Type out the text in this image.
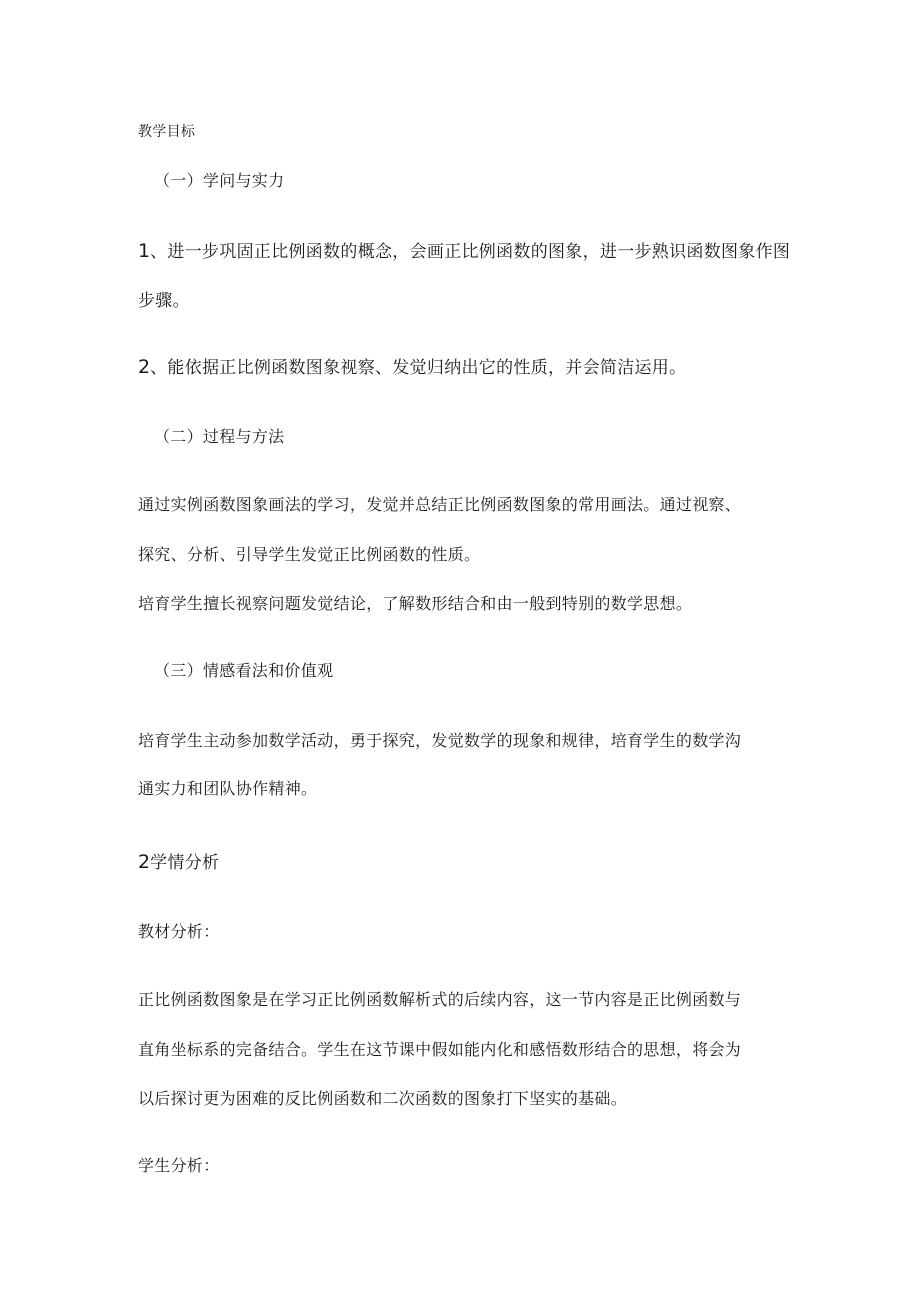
教学目标
（一）学问与实力
1、进一步巩固正比例函数的概念，会画正比例函数的图象，进一步熟识函数图象作图
步骤。
2、能依据正比例函数图象视察、发觉归纳出它的性质，并会简洁运用。
（二）过程与方法
通过实例函数图象画法的学习，发觉并总结正比例函数图象的常用画法。通过视察、
探究、分析、引导学生发觉正比例函数的性质。
培育学生擅长视察问题发觉结论，了解数形结合和由一般到特别的数学思想。
（三）情感看法和价值观
培育学生主动参加数学活动，勇于探究，发觉数学的现象和规律，培育学生的数学沟
通实力和团队协作精神。
2学情分析
教材分析：
正比例函数图象是在学习正比例函数解析式的后续内容，这一节内容是正比例函数与
直角坐标系的完备结合。学生在这节课中假如能内化和感悟数形结合的思想，将会为
以后探讨更为困难的反比例函数和二次函数的图象打下坚实的基础。
学生分析：
